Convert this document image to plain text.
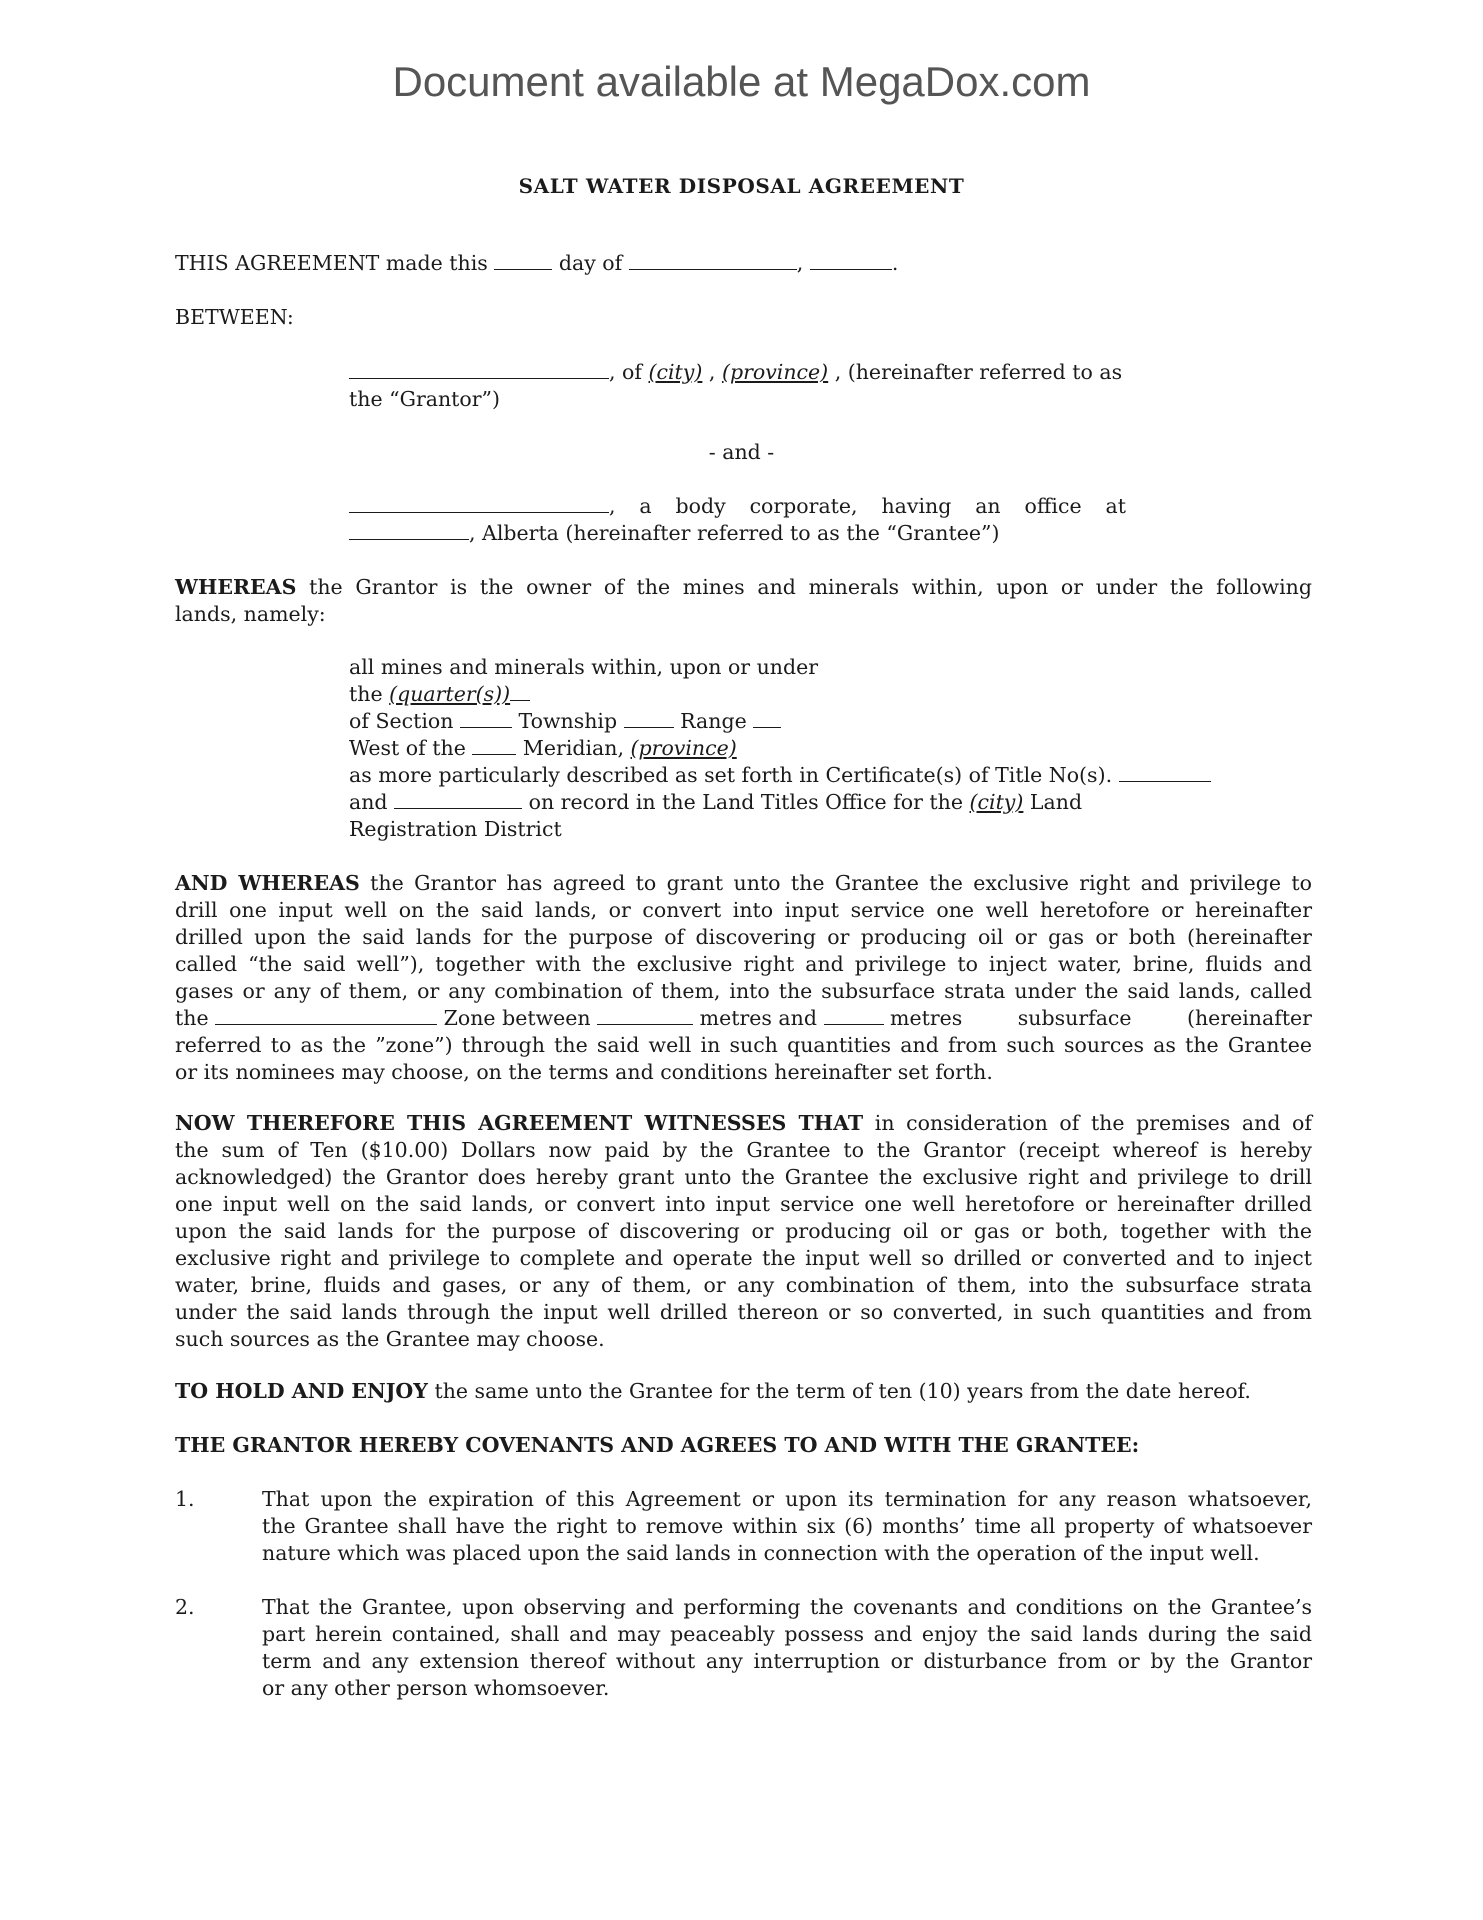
Document available at MegaDox.com
SALT WATER DISPOSAL AGREEMENT
THIS AGREEMENT made this	day of	,	.
BETWEEN:
, of (city) , (province) , (hereinafter referred to as
the “Grantor”)
- and -
, a body corporate, having an office at
, Alberta (hereinafter referred to as the “Grantee”)
WHEREAS the Grantor is the owner of the mines and minerals within, upon or under the following
lands, namely:
all mines and minerals within, upon or under
the (quarter(s))
of Section	Township	Range
West of the	Meridian, (province)
as more particularly described as set forth in Certificate(s) of Title No(s).
and	on record in the Land Titles Office for the (city) Land
Registration District
AND WHEREAS the Grantor has agreed to grant unto the Grantee the exclusive right and privilege to
drill one input well on the said lands, or convert into input service one well heretofore or hereinafter
drilled upon the said lands for the purpose of discovering or producing oil or gas or both (hereinafter
called “the said well”), together with the exclusive right and privilege to inject water, brine, fluids and
gases or any of them, or any combination of them, into the subsurface strata under the said lands, called
the	Zone between	metres and	metres	subsurface	(hereinafter
referred to as the ”zone”) through the said well in such quantities and from such sources as the Grantee
or its nominees may choose, on the terms and conditions hereinafter set forth.
NOW THEREFORE THIS AGREEMENT WITNESSES THAT in consideration of the premises and of
the sum of Ten ($10.00) Dollars now paid by the Grantee to the Grantor (receipt whereof is hereby
acknowledged) the Grantor does hereby grant unto the Grantee the exclusive right and privilege to drill
one input well on the said lands, or convert into input service one well heretofore or hereinafter drilled
upon the said lands for the purpose of discovering or producing oil or gas or both, together with the
exclusive right and privilege to complete and operate the input well so drilled or converted and to inject
water, brine, fluids and gases, or any of them, or any combination of them, into the subsurface strata
under the said lands through the input well drilled thereon or so converted, in such quantities and from
such sources as the Grantee may choose.
TO HOLD AND ENJOY the same unto the Grantee for the term of ten (10) years from the date hereof.
THE GRANTOR HEREBY COVENANTS AND AGREES TO AND WITH THE GRANTEE:
1.	That upon the expiration of this Agreement or upon its termination for any reason whatsoever,
the Grantee shall have the right to remove within six (6) months’ time all property of whatsoever
nature which was placed upon the said lands in connection with the operation of the input well.
2.	That the Grantee, upon observing and performing the covenants and conditions on the Grantee’s
part herein contained, shall and may peaceably possess and enjoy the said lands during the said
term and any extension thereof without any interruption or disturbance from or by the Grantor
or any other person whomsoever.
